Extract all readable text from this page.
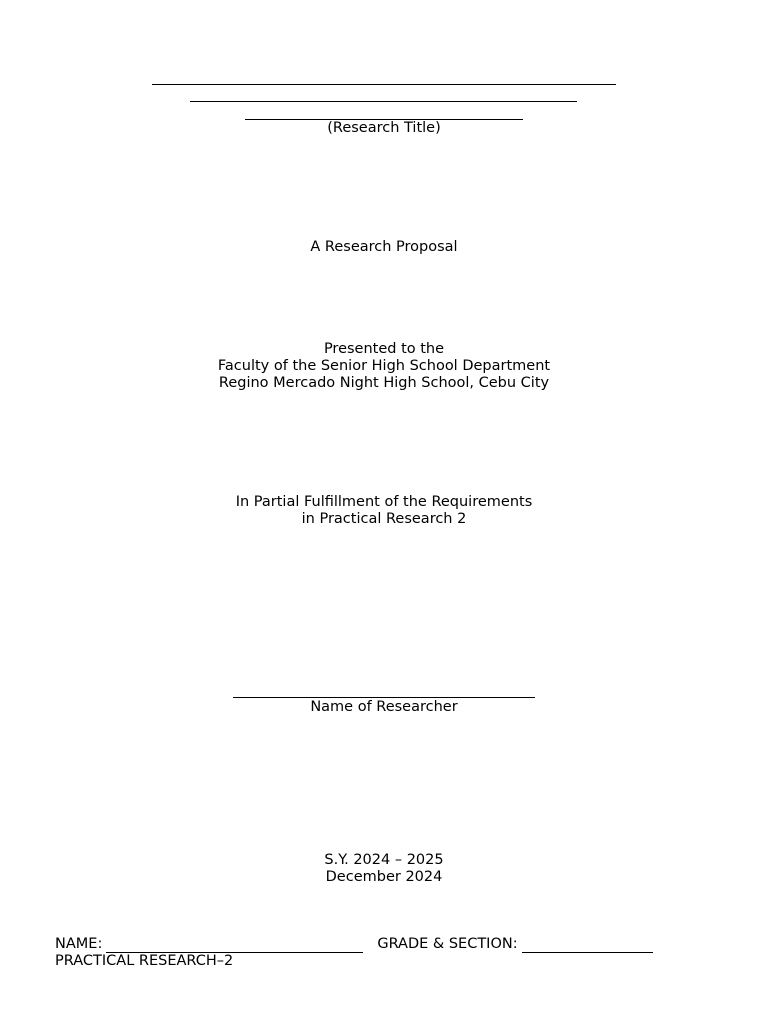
(Research Title)
A Research Proposal
Presented to the
Faculty of the Senior High School Department
Regino Mercado Night High School, Cebu City
In Partial Fulfillment of the Requirements
in Practical Research 2
Name of Researcher
S.Y. 2024 – 2025
December 2024
NAME:	GRADE & SECTION:
PRACTICAL RESEARCH–2
